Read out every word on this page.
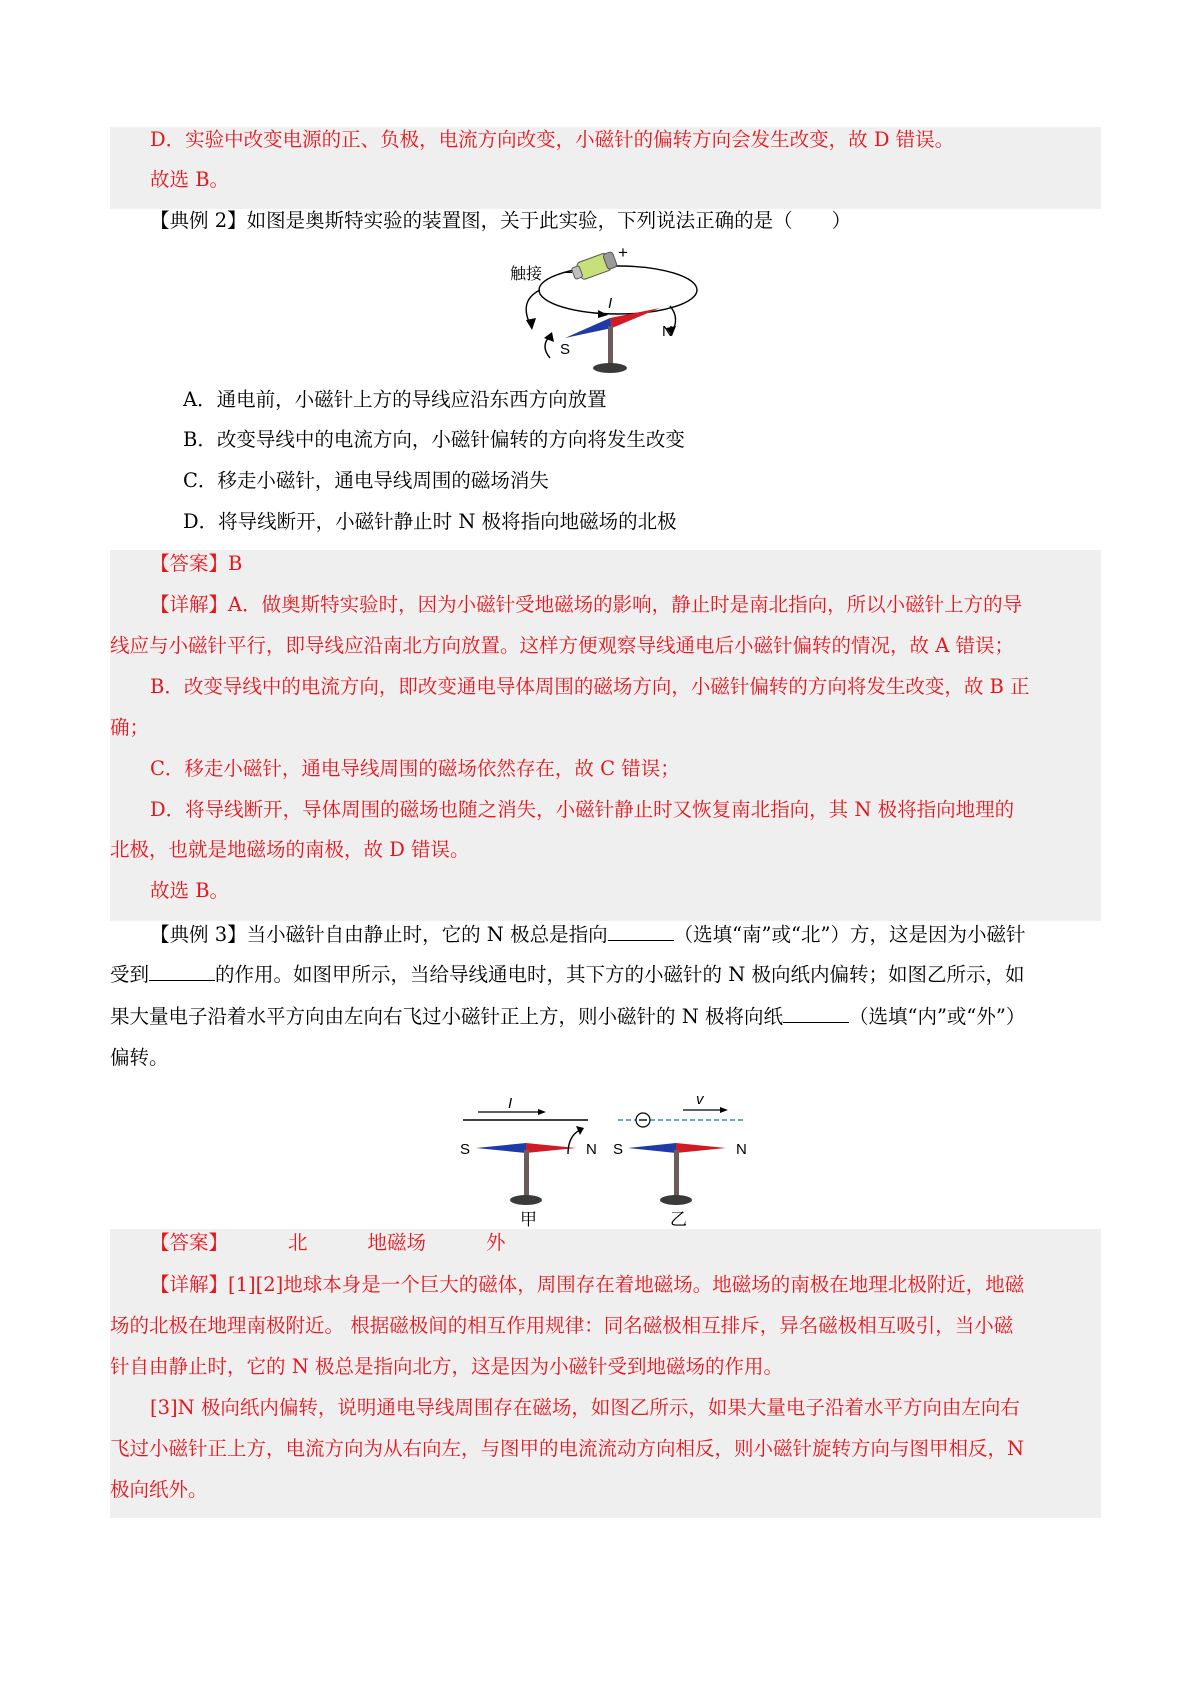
D．实验中改变电源的正、负极，电流方向改变，小磁针的偏转方向会发生改变，故 D 错误。
故选 B。
【典例 2】如图是奥斯特实验的装置图，关于此实验，下列说法正确的是（　　）
触接 −
+
I
N
S
A．通电前，小磁针上方的导线应沿东西方向放置
B．改变导线中的电流方向，小磁针偏转的方向将发生改变
C．移走小磁针，通电导线周围的磁场消失
D．将导线断开，小磁针静止时 N 极将指向地磁场的北极
【答案】B
【详解】A．做奥斯特实验时，因为小磁针受地磁场的影响，静止时是南北指向，所以小磁针上方的导
线应与小磁针平行，即导线应沿南北方向放置。这样方便观察导线通电后小磁针偏转的情况，故 A 错误；
B．改变导线中的电流方向，即改变通电导体周围的磁场方向，小磁针偏转的方向将发生改变，故 B 正
确；
C．移走小磁针，通电导线周围的磁场依然存在，故 C 错误；
D．将导线断开，导体周围的磁场也随之消失，小磁针静止时又恢复南北指向，其 N 极将指向地理的
北极，也就是地磁场的南极，故 D 错误。
故选 B。
【典例 3】当小磁针自由静止时，它的 N 极总是指向	（选填“南”或“北”）方，这是因为小磁针
受到	的作用。如图甲所示，当给导线通电时，其下方的小磁针的 N 极向纸内偏转；如图乙所示，如
果大量电子沿着水平方向由左向右飞过小磁针正上方，则小磁针的 N 极将向纸	（选填“内”或“外”）
偏转。
I
S	N
甲
v
S	N
乙
【答案】	北	地磁场	外
【详解】[1][2]地球本身是一个巨大的磁体，周围存在着地磁场。地磁场的南极在地理北极附近，地磁
场的北极在地理南极附近。 根据磁极间的相互作用规律：同名磁极相互排斥，异名磁极相互吸引，当小磁
针自由静止时，它的 N 极总是指向北方，这是因为小磁针受到地磁场的作用。
[3]N 极向纸内偏转，说明通电导线周围存在磁场，如图乙所示，如果大量电子沿着水平方向由左向右
飞过小磁针正上方，电流方向为从右向左，与图甲的电流流动方向相反，则小磁针旋转方向与图甲相反，N
极向纸外。
